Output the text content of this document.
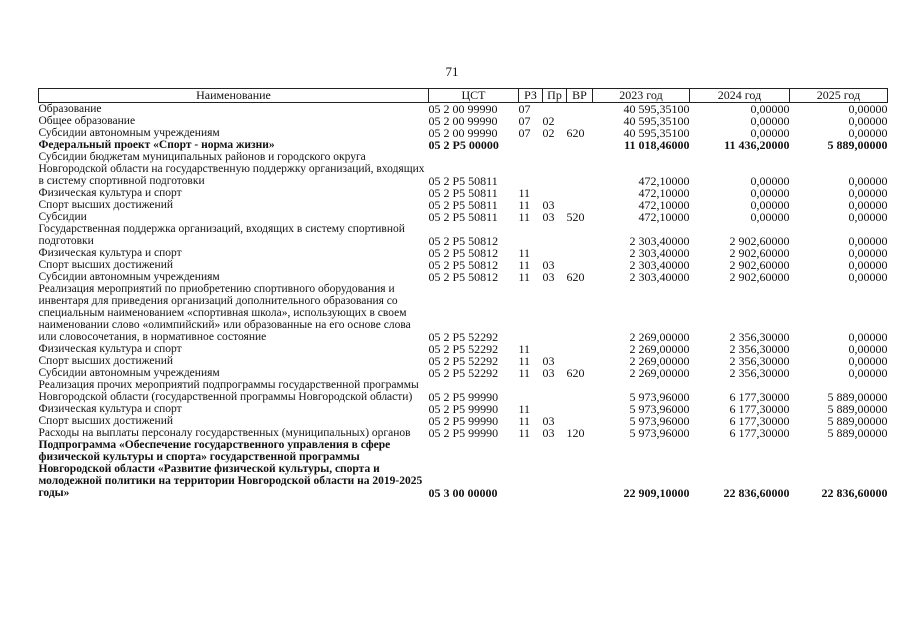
71
Наименование	ЦСТ	РЗ	Пр	ВР	2023 год	2024 год	2025 год
Образование	05 2 00 99990	07			40 595,35100	0,00000	0,00000
Общее образование	05 2 00 99990	07	02		40 595,35100	0,00000	0,00000
Субсидии автономным учреждениям	05 2 00 99990	07	02	620	40 595,35100	0,00000	0,00000
Федеральный проект «Спорт - норма жизни»	05 2 P5 00000				11 018,46000	11 436,20000	5 889,00000
Субсидии бюджетам муниципальных районов и городского округа Новгородской области на государственную поддержку организаций, входящих в систему спортивной подготовки	05 2 P5 50811				472,10000	0,00000	0,00000
Физическая культура и спорт	05 2 P5 50811	11			472,10000	0,00000	0,00000
Спорт высших достижений	05 2 P5 50811	11	03		472,10000	0,00000	0,00000
Субсидии	05 2 P5 50811	11	03	520	472,10000	0,00000	0,00000
Государственная поддержка организаций, входящих в систему спортивной подготовки	05 2 P5 50812				2 303,40000	2 902,60000	0,00000
Физическая культура и спорт	05 2 P5 50812	11			2 303,40000	2 902,60000	0,00000
Спорт высших достижений	05 2 P5 50812	11	03		2 303,40000	2 902,60000	0,00000
Субсидии автономным учреждениям	05 2 P5 50812	11	03	620	2 303,40000	2 902,60000	0,00000
Реализация мероприятий по приобретению спортивного оборудования и инвентаря для приведения организаций дополнительного образования со специальным наименованием «спортивная школа», использующих в своем наименовании слово «олимпийский» или образованные на его основе слова или словосочетания, в нормативное состояние	05 2 P5 52292				2 269,00000	2 356,30000	0,00000
Физическая культура и спорт	05 2 P5 52292	11			2 269,00000	2 356,30000	0,00000
Спорт высших достижений	05 2 P5 52292	11	03		2 269,00000	2 356,30000	0,00000
Субсидии автономным учреждениям	05 2 P5 52292	11	03	620	2 269,00000	2 356,30000	0,00000
Реализация прочих мероприятий подпрограммы государственной программы Новгородской области (государственной программы Новгородской области)	05 2 P5 99990				5 973,96000	6 177,30000	5 889,00000
Физическая культура и спорт	05 2 P5 99990	11			5 973,96000	6 177,30000	5 889,00000
Спорт высших достижений	05 2 P5 99990	11	03		5 973,96000	6 177,30000	5 889,00000
Расходы на выплаты персоналу государственных (муниципальных) органов	05 2 P5 99990	11	03	120	5 973,96000	6 177,30000	5 889,00000
Подпрограмма «Обеспечение государственного управления в сфере физической культуры и спорта» государственной программы Новгородской области «Развитие физической культуры, спорта и молодежной политики на территории Новгородской области на 2019-2025 годы»	05 3 00 00000				22 909,10000	22 836,60000	22 836,60000
